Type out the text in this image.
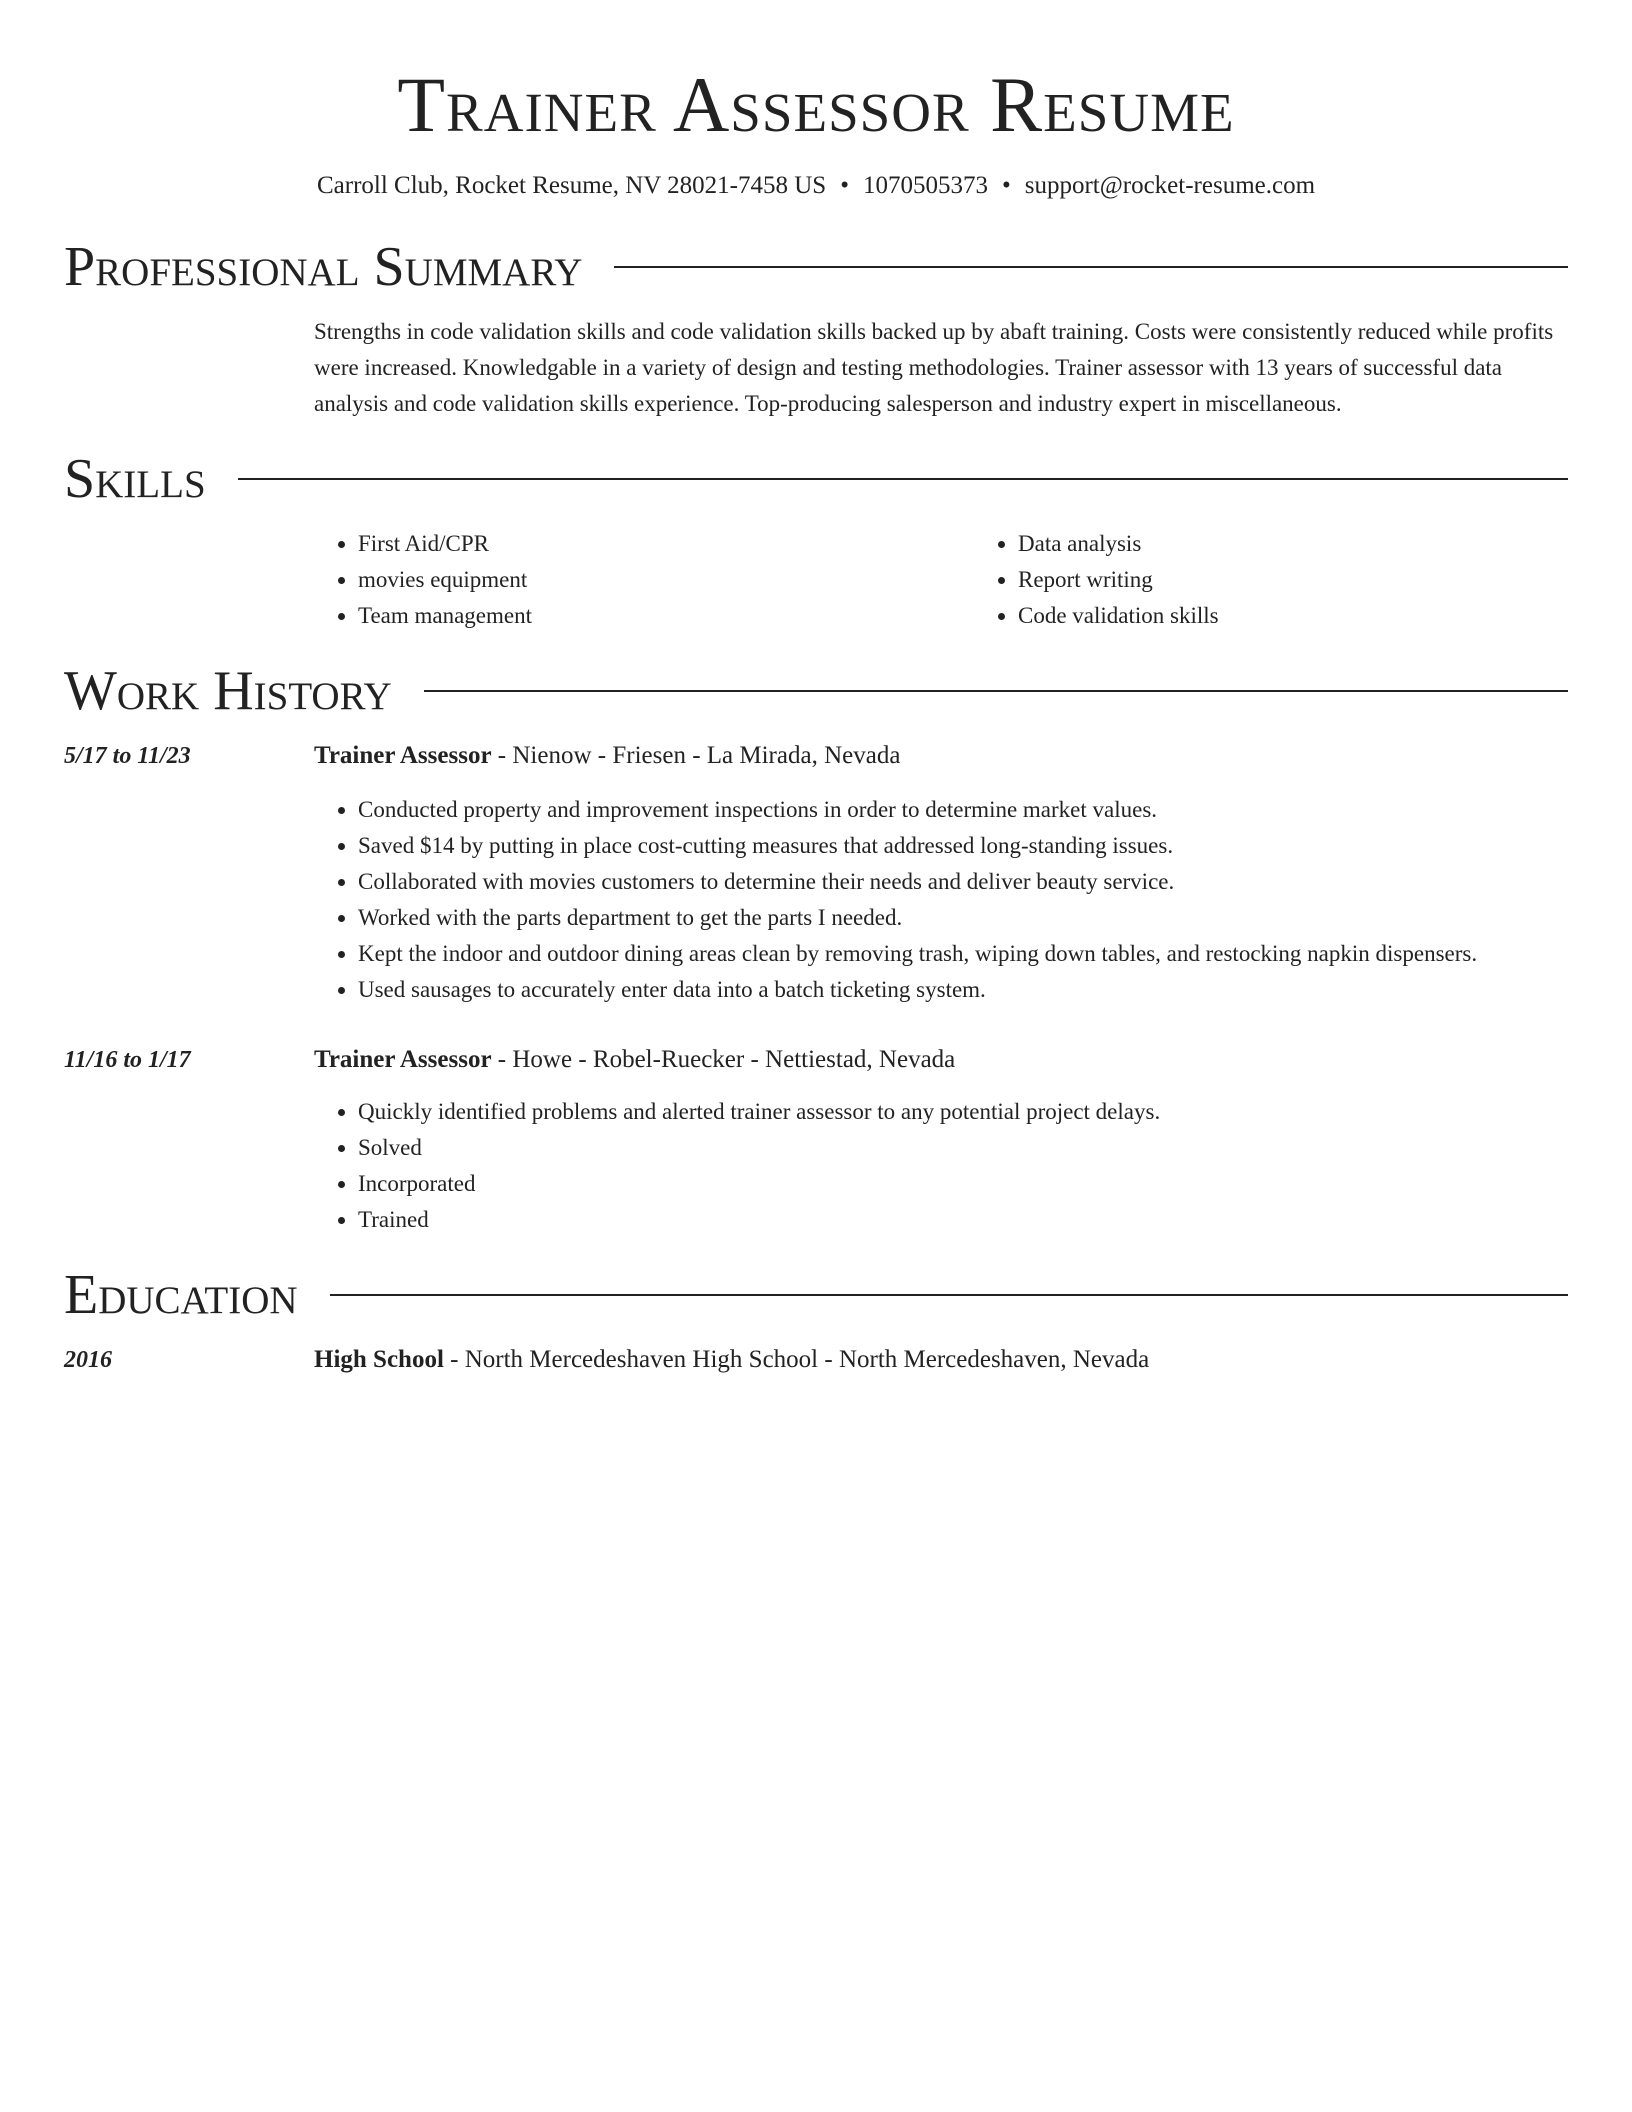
Trainer Assessor Resume
Carroll Club, Rocket Resume, NV 28021-7458 US • 1070505373 • support@rocket-resume.com
Professional Summary

Strengths in code validation skills and code validation skills backed up by abaft training. Costs were consistently reduced while profits were increased. Knowledgable in a variety of design and testing methodologies. Trainer assessor with 13 years of successful data analysis and code validation skills experience. Top-producing salesperson and industry expert in miscellaneous.

Skills
• First Aid/CPR
• movies equipment
• Team management
• Data analysis
• Report writing
• Code validation skills
Work History
5/17 to 11/23	Trainer Assessor - Nienow - Friesen - La Mirada, Nevada
• Conducted property and improvement inspections in order to determine market values.
• Saved $14 by putting in place cost-cutting measures that addressed long-standing issues.
• Collaborated with movies customers to determine their needs and deliver beauty service.
• Worked with the parts department to get the parts I needed.
• Kept the indoor and outdoor dining areas clean by removing trash, wiping down tables, and restocking napkin dispensers.
• Used sausages to accurately enter data into a batch ticketing system.
11/16 to 1/17	Trainer Assessor - Howe - Robel-Ruecker - Nettiestad, Nevada
• Quickly identified problems and alerted trainer assessor to any potential project delays.
• Solved
• Incorporated
• Trained
Education
2016	High School - North Mercedeshaven High School - North Mercedeshaven, Nevada
